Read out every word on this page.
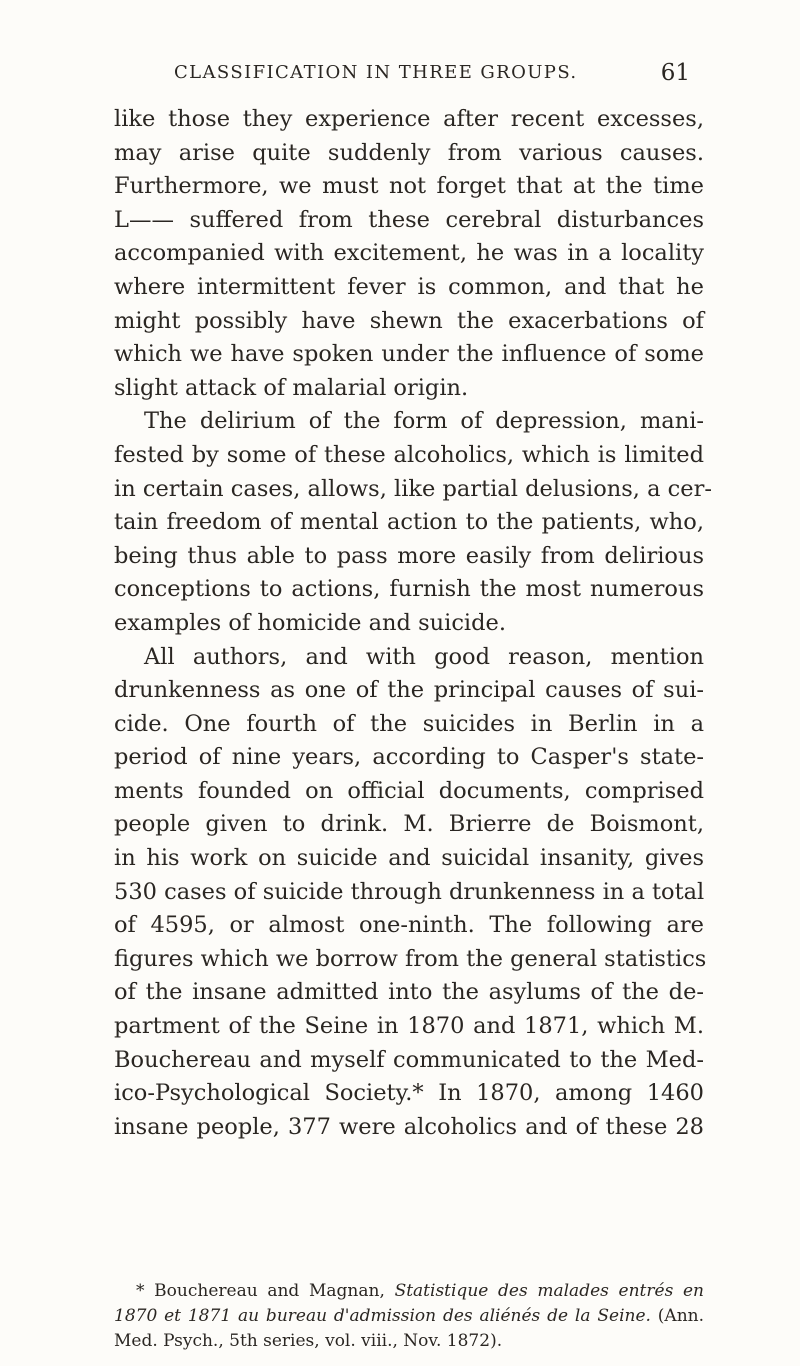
CLASSIFICATION IN THREE GROUPS.	61
like those they experience after recent excesses,
may arise quite suddenly from various causes.
Furthermore, we must not forget that at the time
L—— suffered from these cerebral disturbances
accompanied with excitement, he was in a locality
where intermittent fever is common, and that he
might possibly have shewn the exacerbations of
which we have spoken under the influence of some
slight attack of malarial origin.
The delirium of the form of depression, mani-
fested by some of these alcoholics, which is limited
in certain cases, allows, like partial delusions, a cer-
tain freedom of mental action to the patients, who,
being thus able to pass more easily from delirious
conceptions to actions, furnish the most numerous
examples of homicide and suicide.
All authors, and with good reason, mention
drunkenness as one of the principal causes of sui-
cide. One fourth of the suicides in Berlin in a
period of nine years, according to Casper's state-
ments founded on official documents, comprised
people given to drink. M. Brierre de Boismont,
in his work on suicide and suicidal insanity, gives
530 cases of suicide through drunkenness in a total
of 4595, or almost one-ninth. The following are
figures which we borrow from the general statistics
of the insane admitted into the asylums of the de-
partment of the Seine in 1870 and 1871, which M.
Bouchereau and myself communicated to the Med-
ico-Psychological Society.* In 1870, among 1460
insane people, 377 were alcoholics and of these 28
* Bouchereau and Magnan, Statistique des malades entrés en
1870 et 1871 au bureau d'admission des aliénés de la Seine. (Ann.
Med. Psych., 5th series, vol. viii., Nov. 1872).
